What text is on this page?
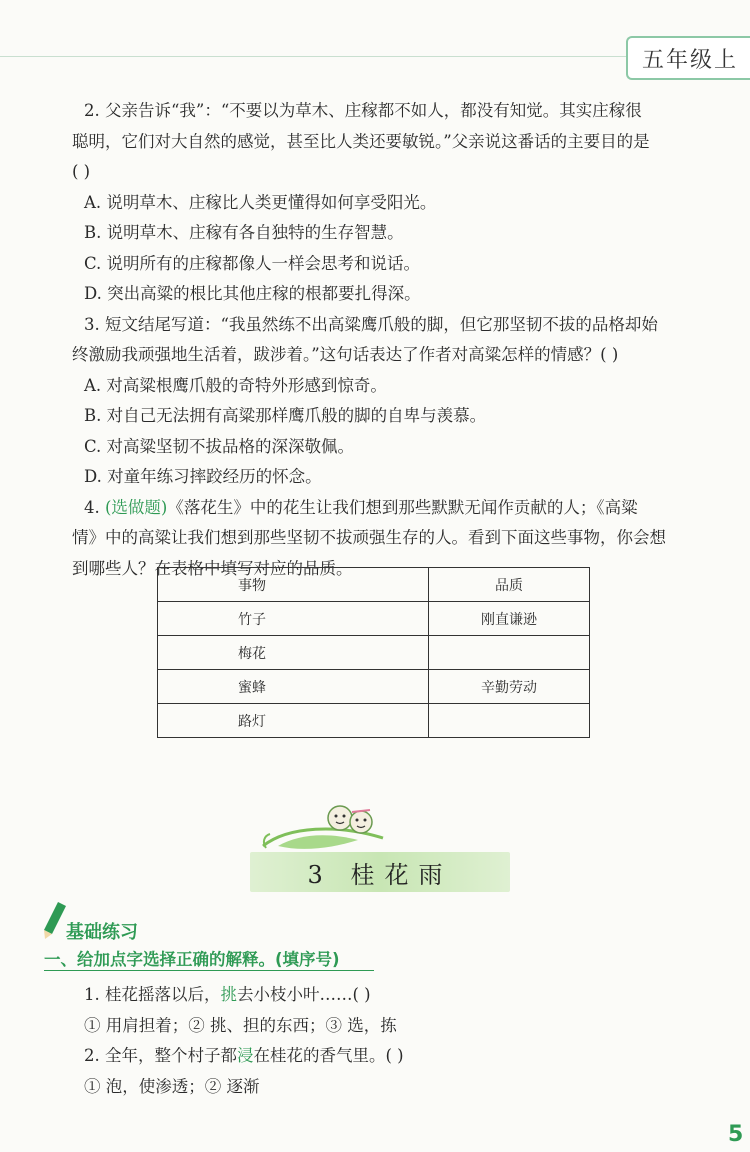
五年级上

2. 父亲告诉“我”：“不要以为草木、庄稼都不如人，都没有知觉。其实庄稼很

聪明，它们对大自然的感觉，甚至比人类还要敏锐。”父亲说这番话的主要目的是

( )

A. 说明草木、庄稼比人类更懂得如何享受阳光。

B. 说明草木、庄稼有各自独特的生存智慧。

C. 说明所有的庄稼都像人一样会思考和说话。

D. 突出高粱的根比其他庄稼的根都要扎得深。

3. 短文结尾写道：“我虽然练不出高粱鹰爪般的脚，但它那坚韧不拔的品格却始

终激励我顽强地生活着，跋涉着。”这句话表达了作者对高粱怎样的情感？( )

A. 对高粱根鹰爪般的奇特外形感到惊奇。

B. 对自己无法拥有高粱那样鹰爪般的脚的自卑与羡慕。

C. 对高粱坚韧不拔品格的深深敬佩。

D. 对童年练习摔跤经历的怀念。

4. (选做题)《落花生》中的花生让我们想到那些默默无闻作贡献的人；《高粱

情》中的高粱让我们想到那些坚韧不拔顽强生存的人。看到下面这些事物，你会想

到哪些人？在表格中填写对应的品质。

事物	品质
竹子	刚直谦逊
梅花	
蜜蜂	辛勤劳动
路灯	
3 桂花雨
基础练习
一、给加点字选择正确的解释。(填序号)

1. 桂花摇落以后，挑去小枝小叶……( )

① 用肩担着；② 挑、担的东西；③ 选，拣

2. 全年，整个村子都浸在桂花的香气里。( )

① 泡，使渗透；② 逐渐

5
